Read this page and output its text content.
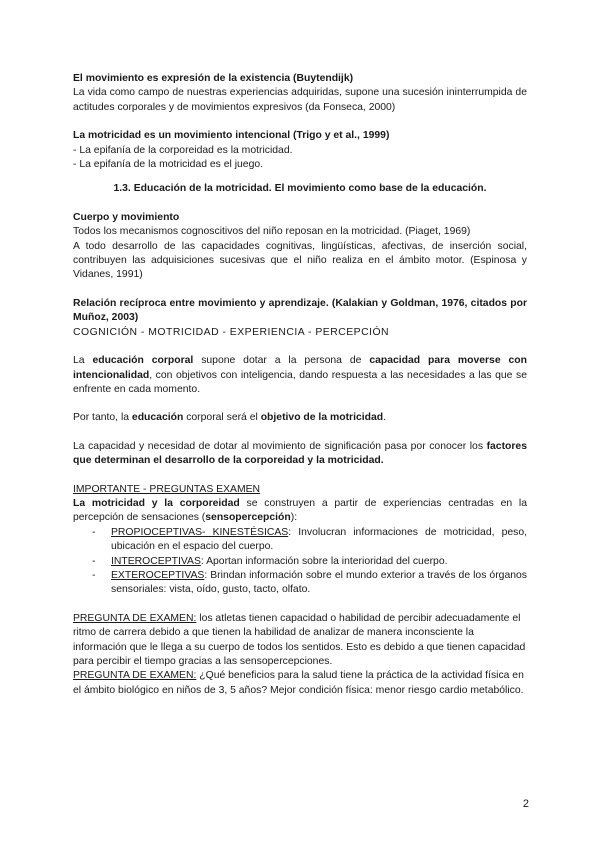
El movimiento es expresión de la existencia (Buytendijk)

La vida como campo de nuestras experiencias adquiridas, supone una sucesión ininterrumpida de actitudes corporales y de movimientos expresivos (da Fonseca, 2000)

La motricidad es un movimiento intencional (Trigo y et al., 1999)

- La epifanía de la corporeidad es la motricidad.

- La epifanía de la motricidad es el juego.

1.3. Educación de la motricidad. El movimiento como base de la educación.

Cuerpo y movimiento

Todos los mecanismos cognoscitivos del niño reposan en la motricidad. (Piaget, 1969)

A todo desarrollo de las capacidades cognitivas, lingüísticas, afectivas, de inserción social, contribuyen las adquisiciones sucesivas que el niño realiza en el ámbito motor. (Espinosa y Vidanes, 1991)

Relación recíproca entre movimiento y aprendizaje. (Kalakian y Goldman, 1976, citados por Muñoz, 2003)

COGNICIÓN - MOTRICIDAD - EXPERIENCIA - PERCEPCIÓN

La educación corporal supone dotar a la persona de capacidad para moverse con intencionalidad, con objetivos con inteligencia, dando respuesta a las necesidades a las que se enfrente en cada momento.

Por tanto, la educación corporal será el objetivo de la motricidad.

La capacidad y necesidad de dotar al movimiento de significación pasa por conocer los factores que determinan el desarrollo de la corporeidad y la motricidad.

IMPORTANTE - PREGUNTAS EXAMEN

La motricidad y la corporeidad se construyen a partir de experiencias centradas en la percepción de sensaciones (sensopercepción):

- PROPIOCEPTIVAS- KINESTÉSICAS: Involucran informaciones de motricidad, peso, ubicación en el espacio del cuerpo.
- INTEROCEPTIVAS: Aportan información sobre la interioridad del cuerpo.
- EXTEROCEPTIVAS: Brindan información sobre el mundo exterior a través de los órganos sensoriales: vista, oído, gusto, tacto, olfato.

PREGUNTA DE EXAMEN: los atletas tienen capacidad o habilidad de percibir adecuadamente el ritmo de carrera debido a que tienen la habilidad de analizar de manera inconsciente la información que le llega a su cuerpo de todos los sentidos. Esto es debido a que tienen capacidad para percibir el tiempo gracias a las sensopercepciones.

PREGUNTA DE EXAMEN: ¿Qué beneficios para la salud tiene la práctica de la actividad física en el ámbito biológico en niños de 3, 5 años? Mejor condición física: menor riesgo cardio metabólico.

2
